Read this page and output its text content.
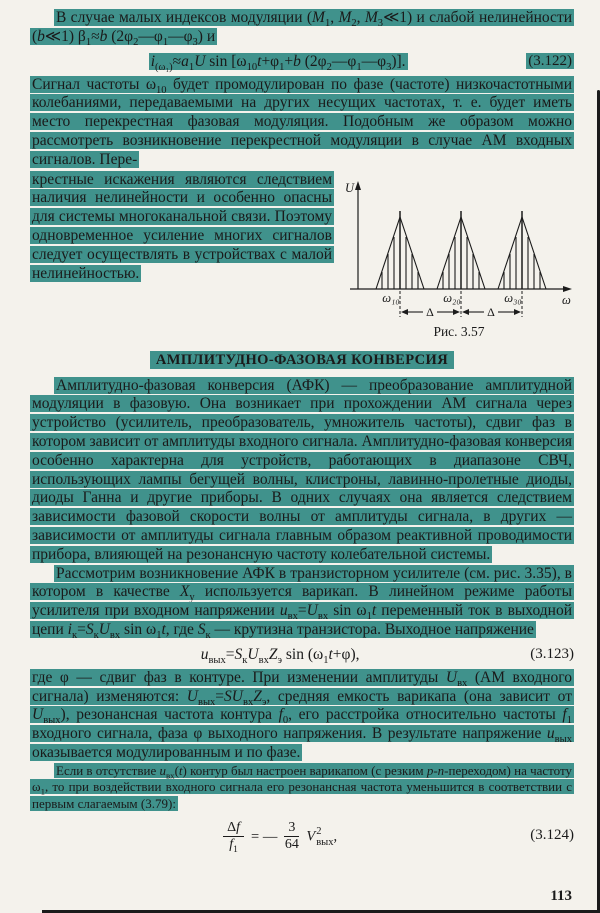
В случае малых индексов модуляции ($M_1$, $M_2$, $M_3≪1$) и слабой нелинейности (b≪1) $\beta_1\approx b$ $(2\varphi_2—\varphi_1—\varphi_3)$ и

$i_{(\omega_1)}\approx a_1U$ $\sin [\omega_{10}t+\varphi_1+b$ $(2\varphi_2—\varphi_1—\varphi_3)$].	(3.122)

Сигнал частоты $\omega_{10}$ будет промодулирован по фазе (частоте) низкочастотными колебаниями, передаваемыми на других несущих частотах, т. е. будет иметь место перекрестная фазовая модуляция. Подобным же образом можно рассмотреть возникновение перекрестной модуляции в случае АМ входных сигналов. Пере-

крестные искажения являются следствием наличия нелинейности и особенно опасны для системы многоканальной связи. Поэтому одновременное усиление многих сигналов следует осуществлять в устройствах с малой нелинейностью.
U
ω
ω₁₀	ω₂₀	ω₃₀
Δ	Δ
Рис. 3.57
АМПЛИТУДНО-ФАЗОВАЯ КОНВЕРСИЯ

Амплитудно-фазовая конверсия (АФК) — преобразование амплитудной модуляции в фазовую. Она возникает при прохождении АМ сигнала через устройство (усилитель, преобразователь, умножитель частоты), сдвиг фаз в котором зависит от амплитуды входного сигнала. Амплитудно-фазовая конверсия особенно характерна для устройств, работающих в диапазоне СВЧ, использующих лампы бегущей волны, клистроны, лавинно-пролетные диоды, диоды Ганна и другие приборы. В одних случаях она является следствием зависимости фазовой скорости волны от амплитуды сигнала, в других — зависимости от амплитуды сигнала главным образом реактивной проводимости прибора, влияющей на резонансную частоту колебательной системы.

Рассмотрим возникновение АФК в транзисторном усилителе (см. рис. 3.35), в котором в качестве $X_у$ используется варикап. В линейном режиме работы усилителя при входном напряжении $u_{вх}=U_{вх}$ $\sin \omega_1t$ переменный ток в выходной цепи $i_к=S_кU_{вх}$ $\sin \omega_1t$, где $S_к$ — крутизна транзистора. Выходное напряжение

$u_{вых}=S_кU_{вх}Z_э$ $\sin (\omega_1t+\varphi)$,	(3.123)

где φ — сдвиг фаз в контуре. При изменении амплитуды $U_{вх}$ (АМ входного сигнала) изменяются: $U_{вых}=SU_{вх}Z_э$, средняя емкость варикапа (она зависит от $U_{вых}$), резонансная частота контура $f_0$, его расстройка относительно частоты $f_1$ входного сигнала, фаза φ выходного напряжения. В результате напряжение $u_{вых}$ оказывается модулированным и по фазе.

Если в отсутствие $u_{вх}(t)$ контур был настроен варикапом (с резким p-n-переходом) на частоту $\omega_1$, то при воздействии входного сигнала его резонансная частота уменьшится в соответствии с первым слагаемым (3.79):

$\frac{\Delta f}{f_1}$ = — $\frac{3}{64}$ V 2
вых ,	(3.124)
113
